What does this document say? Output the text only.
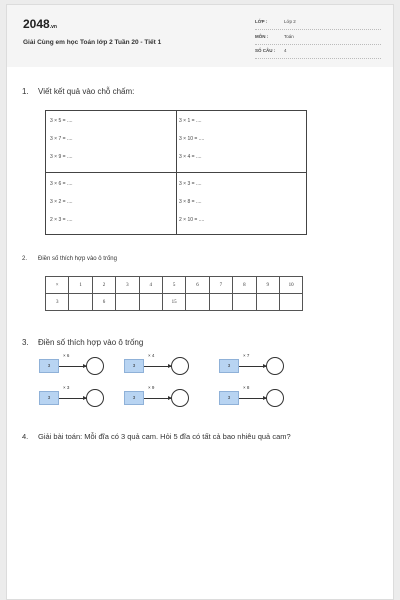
2048.vn
Giải Cùng em học Toán lớp 2 Tuần 20 - Tiết 1
LỚP :	Lớp 2
MÔN :	Toán
SỐ CÂU : 4
1. Viết kết quả vào chỗ chấm:
3 × 5 = ....
3 × 7 = ....
3 × 9 = ....
3 × 1 = ....
3 × 10 = ....
3 × 4 = ....
3 × 6 = ....
3 × 2 = ....
2 × 3 = ....
3 × 3 = ....
3 × 8 = ....
2 × 10 = ....
2. Điền số thích hợp vào ô trống
×	1	2	3	4	5	6	7	8	9	10
3		6			15					
3. Điền số thích hợp vào ô trống
3
× 6
3
× 4
3
× 7
3
× 3
3
× 9
3
× 8
4. Giải bài toán: Mỗi đĩa có 3 quả cam. Hỏi 5 đĩa có tất cả bao nhiêu quả cam?
